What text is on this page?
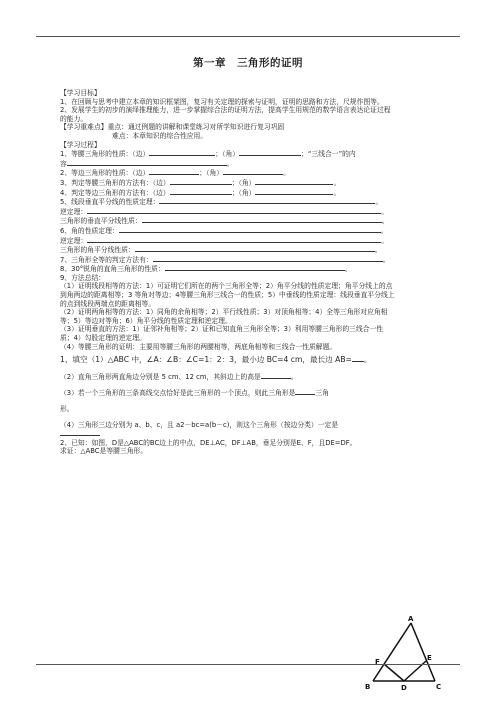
第一章　三角形的证明

【学习目标】

1、在回顾与思考中建立本章的知识框架图，复习有关定理的探索与证明，证明的思路和方法，尺规作图等。

2、发展学生的初步的演绎推理能力，进一步掌握综合法的证明方法，提高学生用规范的数学语言表达论证过程的能力。

【学习重难点】重点：通过例题的讲解和课堂练习对所学知识进行复习巩固

难点：本章知识的综合性应用。

【学习过程】

1、等腰三角形的性质：（边）	；（角）	；“三线合一”的内

容	。

2、等边三角形的性质：（边）	；（角）	。

3、判定等腰三角形的方法有：（边）	；（角）	。

4、判定等边三角形的方法有：（边）	；（角）	。

5、线段垂直平分线的性质定理：	。

逆定理：	。

三角形的垂直平分线性质：	。

6、角的性质定理：	。

逆定理：	。

三角形的角平分线性质：	。

7、三角形全等的判定方法有：	。

8、30°锐角的直角三角形的性质：	。

9、方法总结：

（1）证明线段相等的方法：1）可证明它们所在的两个三角形全等；2）角平分线的性质定理；角平分线上的点到角两边的距离相等；3 等角对等边；4等腰三角形三线合一的性质；5）中垂线的性质定理：线段垂直平分线上的点到线段两端点的距离相等。

（2）证明两角相等的方法：1）同角的余角相等；2）平行线性质；3）对顶角相等；4）全等三角形对应角相等；5）等边对等角；6）角平分线的性质定理和逆定理。

（3）证明垂直的方法：1）证邻补角相等；2）证和已知直角三角形全等；3）利用等腰三角形的三线合一性质；4）勾股定理的逆定理。

（4）等腰三角形的证明：主要用等腰三角形的两腰相等，两底角相等和三线合一性质解题。

1、填空（1）△ABC 中，∠A：∠B：∠C=1：2：3，最小边 BC=4 cm，最长边 AB= 。

（2）直角三角形两直角边分别是 5 cm、12 cm，其斜边上的高是	。

（3）若一个三角形的三条高线交点恰好是此三角形的一个顶点，则此三角形是	三角

形。

（4）三角形三边分别为 a、b、c，且 a2－bc=a(b－c)，则这个三角形（按边分类）一定是

2、已知：如图，D是△ABC的BC边上的中点，DE⊥AC，DF⊥AB，垂足分别是E、F，且DE=DF。

求证：△ABC是等腰三角形。

A
B	C
D
E
F
